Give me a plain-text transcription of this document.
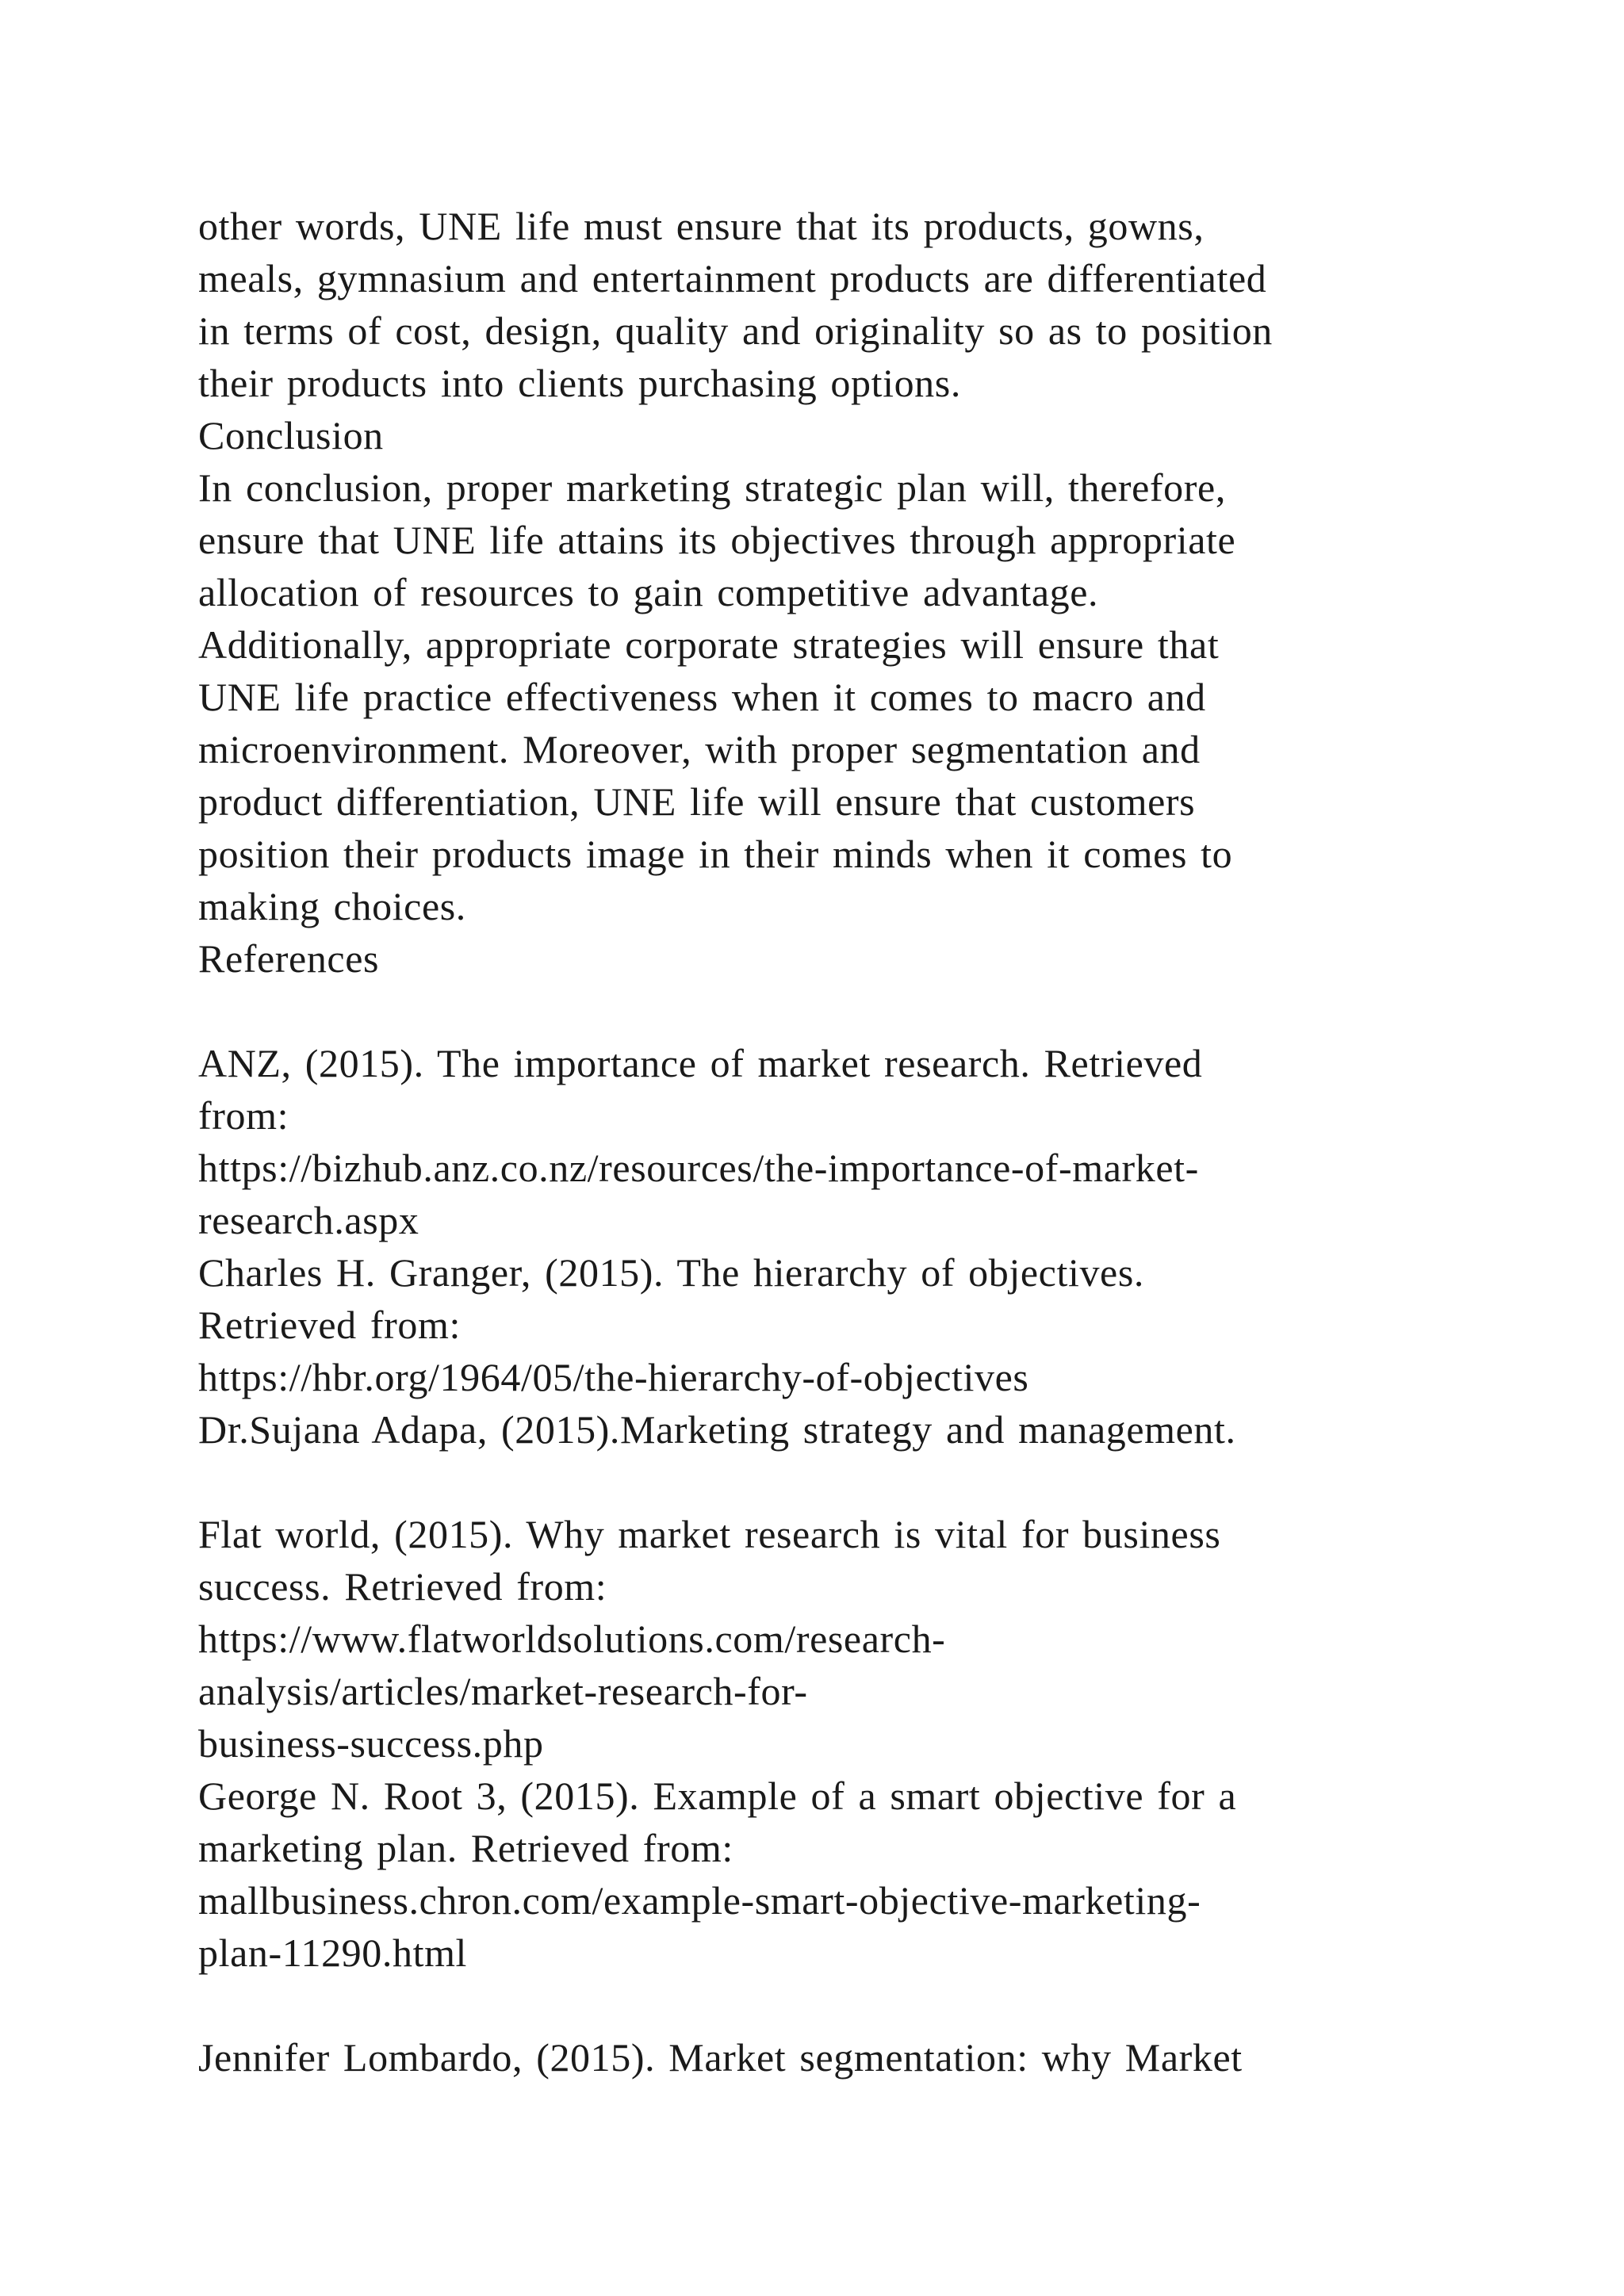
other words, UNE life must ensure that its products, gowns,
meals, gymnasium and entertainment products are differentiated
in terms of cost, design, quality and originality so as to position
their products into clients purchasing options.
Conclusion
In conclusion, proper marketing strategic plan will, therefore,
ensure that UNE life attains its objectives through appropriate
allocation of resources to gain competitive advantage.
Additionally, appropriate corporate strategies will ensure that
UNE life practice effectiveness when it comes to macro and
microenvironment. Moreover, with proper segmentation and
product differentiation, UNE life will ensure that customers
position their products image in their minds when it comes to
making choices.
References
ANZ, (2015). The importance of market research. Retrieved
from:
https://bizhub.anz.co.nz/resources/the-importance-of-market-
research.aspx
Charles H. Granger, (2015). The hierarchy of objectives.
Retrieved from:
https://hbr.org/1964/05/the-hierarchy-of-objectives
Dr.Sujana Adapa, (2015).Marketing strategy and management.
Flat world, (2015). Why market research is vital for business
success. Retrieved from:
https://www.flatworldsolutions.com/research-
analysis/articles/market-research-for-
business-success.php
George N. Root 3, (2015). Example of a smart objective for a
marketing plan. Retrieved from:
mallbusiness.chron.com/example-smart-objective-marketing-
plan-11290.html
Jennifer Lombardo, (2015). Market segmentation: why Market
